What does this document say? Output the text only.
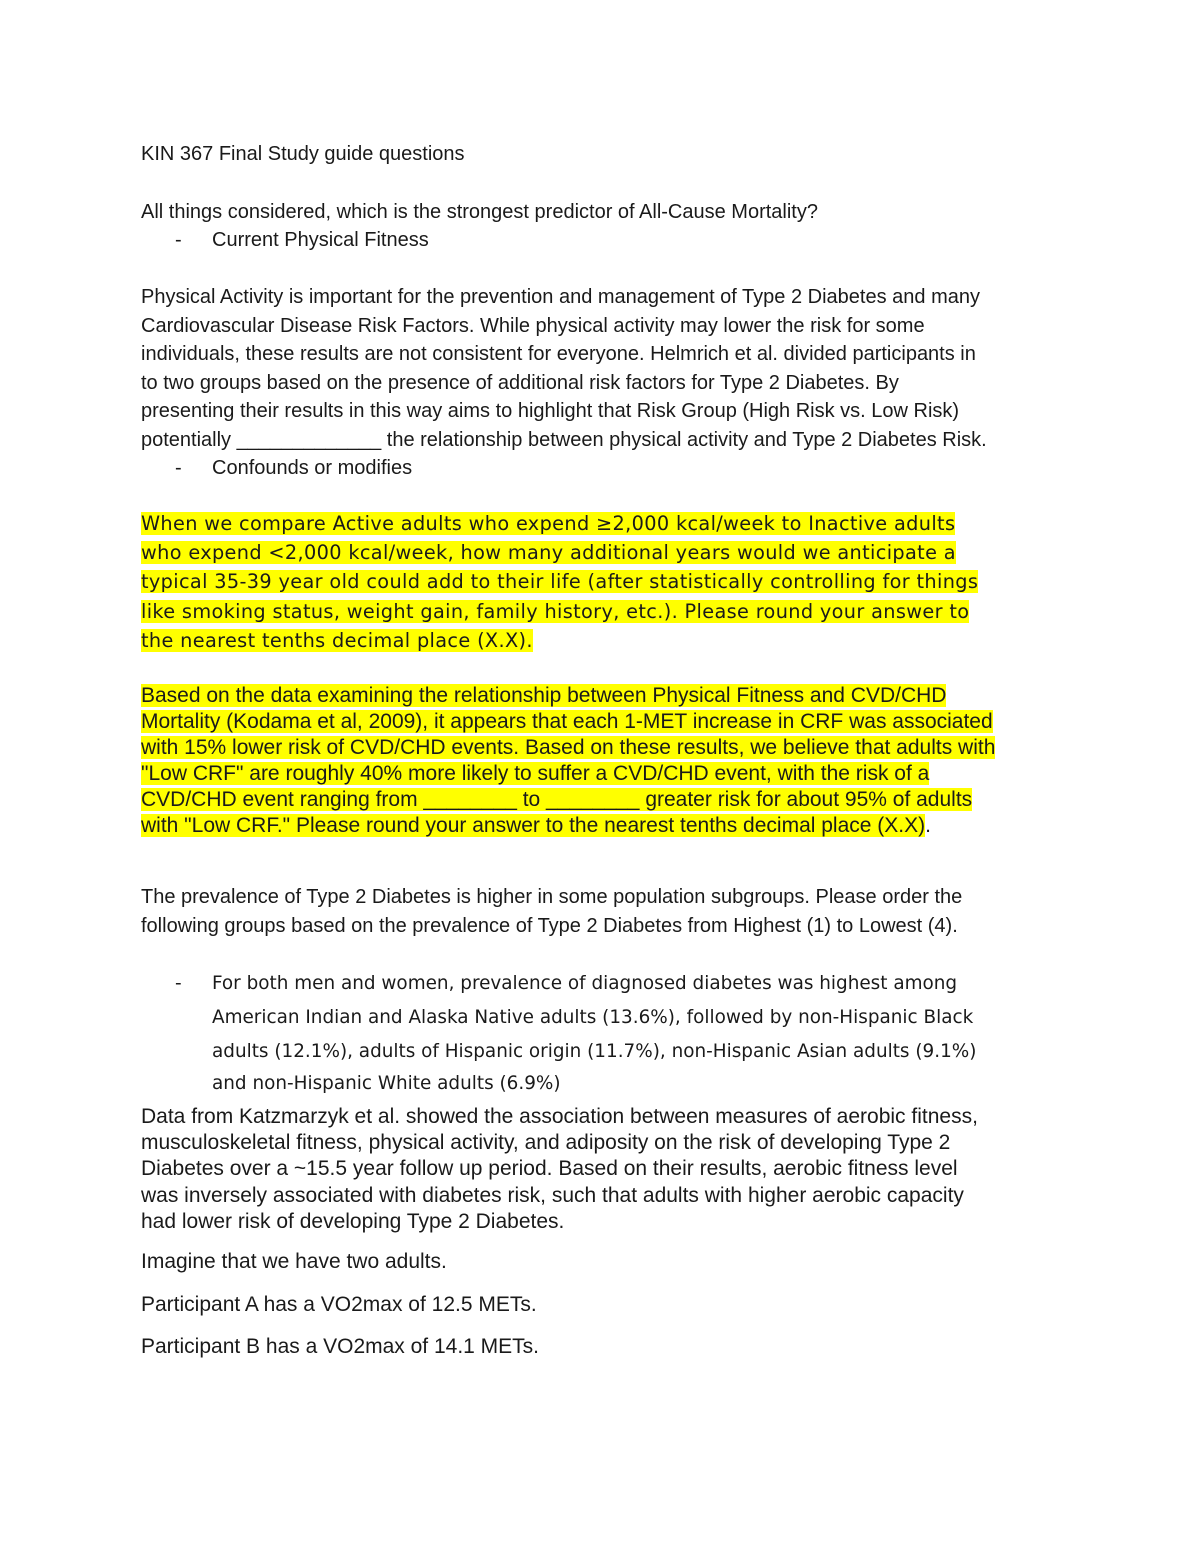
KIN 367 Final Study guide questions

All things considered, which is the strongest predictor of All-Cause Mortality?

- Current Physical Fitness

Physical Activity is important for the prevention and management of Type 2 Diabetes and many
Cardiovascular Disease Risk Factors. While physical activity may lower the risk for some
individuals, these results are not consistent for everyone. Helmrich et al. divided participants in
to two groups based on the presence of additional risk factors for Type 2 Diabetes. By
presenting their results in this way aims to highlight that Risk Group (High Risk vs. Low Risk)
potentially _____________ the relationship between physical activity and Type 2 Diabetes Risk.

- Confounds or modifies

When we compare Active adults who expend ≥2,000 kcal/week to Inactive adults
who expend <2,000 kcal/week, how many additional years would we anticipate a
typical 35-39 year old could add to their life (after statistically controlling for things
like smoking status, weight gain, family history, etc.). Please round your answer to
the nearest tenths decimal place (X.X).

Based on the data examining the relationship between Physical Fitness and CVD/CHD
Mortality (Kodama et al, 2009), it appears that each 1-MET increase in CRF was associated
with 15% lower risk of CVD/CHD events. Based on these results, we believe that adults with
"Low CRF" are roughly 40% more likely to suffer a CVD/CHD event, with the risk of a
CVD/CHD event ranging from ________ to ________ greater risk for about 95% of adults
with "Low CRF." Please round your answer to the nearest tenths decimal place (X.X).

The prevalence of Type 2 Diabetes is higher in some population subgroups. Please order the
following groups based on the prevalence of Type 2 Diabetes from Highest (1) to Lowest (4).

- For both men and women, prevalence of diagnosed diabetes was highest among
American Indian and Alaska Native adults (13.6%), followed by non-Hispanic Black
adults (12.1%), adults of Hispanic origin (11.7%), non-Hispanic Asian adults (9.1%)
and non-Hispanic White adults (6.9%)

Data from Katzmarzyk et al. showed the association between measures of aerobic fitness,
musculoskeletal fitness, physical activity, and adiposity on the risk of developing Type 2
Diabetes over a ~15.5 year follow up period. Based on their results, aerobic fitness level
was inversely associated with diabetes risk, such that adults with higher aerobic capacity
had lower risk of developing Type 2 Diabetes.

Imagine that we have two adults.

Participant A has a VO2max of 12.5 METs.

Participant B has a VO2max of 14.1 METs.
